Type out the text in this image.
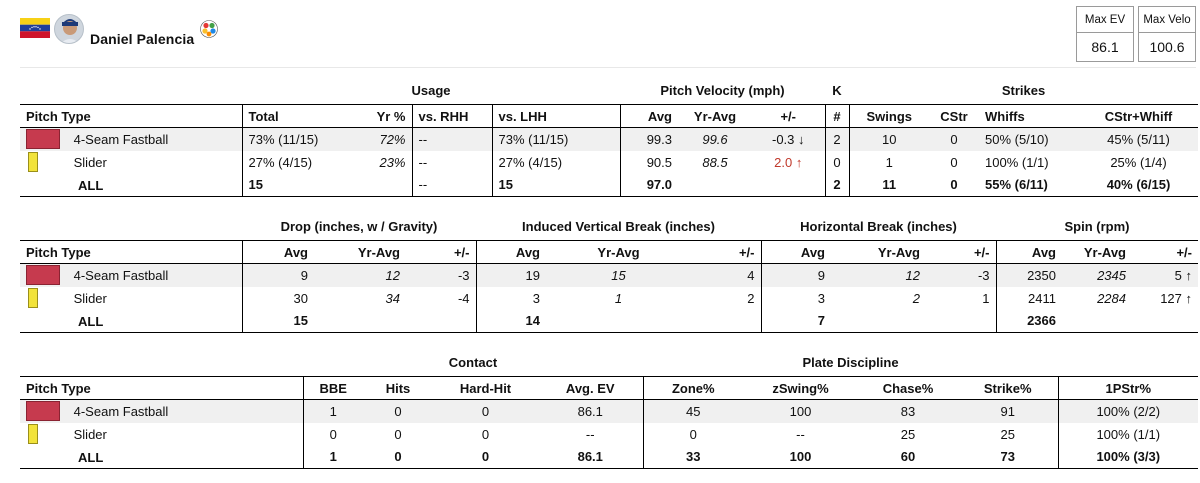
Daniel Palencia
Max EV
86.1
Max Velo
100.6
Usage	Pitch Velocity (mph)	K	Strikes
Pitch Type	Total	Yr %	vs. RHH	vs. LHH	Avg	Yr-Avg	+/-	#	Swings	CStr	Whiffs	CStr+Whiff
4-Seam Fastball	73% (11/15)	72%	--	73% (11/15)	99.3	99.6	-0.3 ↓	2	10	0	50% (5/10)	45% (5/11)
Slider	27% (4/15)	23%	--	27% (4/15)	90.5	88.5	2.0 ↑	0	1	0	100% (1/1)	25% (1/4)
ALL	15		--	15	97.0			2	11	0	55% (6/11)	40% (6/15)
Drop (inches, w / Gravity)	Induced Vertical Break (inches)	Horizontal Break (inches)	Spin (rpm)
Pitch Type	Avg	Yr-Avg	+/-	Avg	Yr-Avg	+/-	Avg	Yr-Avg	+/-	Avg	Yr-Avg	+/-
4-Seam Fastball	9	12	-3	19	15	4	9	12	-3	2350	2345	5 ↑
Slider	30	34	-4	3	1	2	3	2	1	2411	2284	127 ↑
ALL	15			14			7			2366		
Contact	Plate Discipline
Pitch Type	BBE	Hits	Hard-Hit	Avg. EV	Zone%	zSwing%	Chase%	Strike%	1PStr%
4-Seam Fastball	1	0	0	86.1	45	100	83	91	100% (2/2)
Slider	0	0	0	--	0	--	25	25	100% (1/1)
ALL	1	0	0	86.1	33	100	60	73	100% (3/3)
